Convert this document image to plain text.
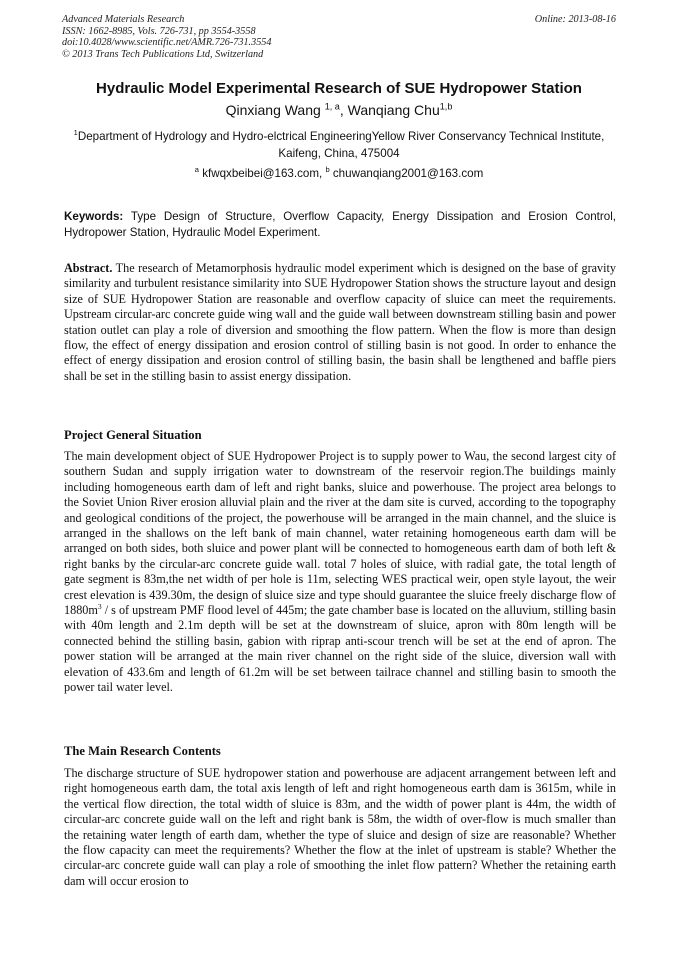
Advanced Materials Research
ISSN: 1662-8985, Vols. 726-731, pp 3554-3558
doi:10.4028/www.scientific.net/AMR.726-731.3554
© 2013 Trans Tech Publications Ltd, Switzerland
Online: 2013-08-16
Hydraulic Model Experimental Research of SUE Hydropower Station
Qinxiang Wang $^{1, a}$, Wanqiang Chu$^{1,b}$
$^1$Department of Hydrology and Hydro-elctrical EngineeringYellow River Conservancy Technical Institute, Kaifeng, China, 475004
$^a$ kfwqxbeibei@163.com, $^b$ chuwanqiang2001@163.com
Keywords: Type Design of Structure, Overflow Capacity, Energy Dissipation and Erosion Control, Hydropower Station, Hydraulic Model Experiment.
Abstract. The research of Metamorphosis hydraulic model experiment which is designed on the base of gravity similarity and turbulent resistance similarity into SUE Hydropower Station shows the structure layout and design size of SUE Hydropower Station are reasonable and overflow capacity of sluice can meet the requirements. Upstream circular-arc concrete guide wing wall and the guide wall between downstream stilling basin and power station outlet can play a role of diversion and smoothing the flow pattern. When the flow is more than design flow, the effect of energy dissipation and erosion control of stilling basin is not good. In order to enhance the effect of energy dissipation and erosion control of stilling basin, the basin shall be lengthened and baffle piers shall be set in the stilling basin to assist energy dissipation.
Project General Situation
The main development object of SUE Hydropower Project is to supply power to Wau, the second largest city of southern Sudan and supply irrigation water to downstream of the reservoir region.The buildings mainly including homogeneous earth dam of left and right banks, sluice and powerhouse. The project area belongs to the Soviet Union River erosion alluvial plain and the river at the dam site is curved, according to the topography and geological conditions of the project, the powerhouse will be arranged in the main channel, and the sluice is arranged in the shallows on the left bank of main channel, water retaining homogeneous earth dam will be arranged on both sides, both sluice and power plant will be connected to homogeneous earth dam of both left & right banks by the circular-arc concrete guide wall. total 7 holes of sluice, with radial gate, the total length of gate segment is 83m,the net width of per hole is 11m, selecting WES practical weir, open style layout, the weir crest elevation is 439.30m, the design of sluice size and type should guarantee the sluice freely discharge flow of $1880m^3$ / s of upstream PMF flood level of 445m; the gate chamber base is located on the alluvium, stilling basin with 40m length and 2.1m depth will be set at the downstream of sluice, apron with 80m length will be connected behind the stilling basin, gabion with riprap anti-scour trench will be set at the end of apron. The power station will be arranged at the main river channel on the right side of the sluice, diversion wall with elevation of 433.6m and length of 61.2m will be set between tailrace channel and stilling basin to smooth the power tail water level.
The Main Research Contents
The discharge structure of SUE hydropower station and powerhouse are adjacent arrangement between left and right homogeneous earth dam, the total axis length of left and right homogeneous earth dam is 3615m, while in the vertical flow direction, the total width of sluice is 83m, and the width of power plant is 44m, the width of circular-arc concrete guide wall on the left and right bank is 58m, the width of over-flow is much smaller than the retaining water length of earth dam, whether the type of sluice and design of size are reasonable? Whether the flow capacity can meet the requirements? Whether the flow at the inlet of upstream is stable? Whether the circular-arc concrete guide wall can play a role of smoothing the inlet flow pattern? Whether the retaining earth dam will occur erosion to
